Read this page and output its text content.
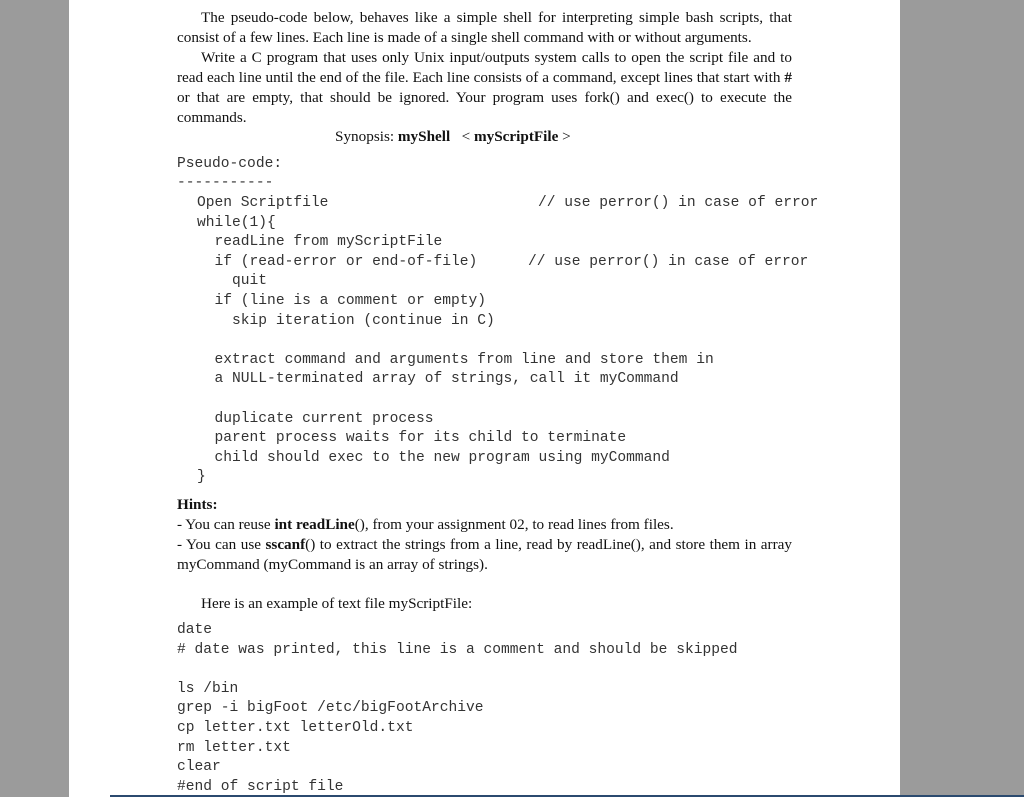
The pseudo-code below, behaves like a simple shell for interpreting simple bash scripts, that consist of a few lines. Each line is made of a single shell command with or without arguments.

Write a C program that uses only Unix input/outputs system calls to open the script file and to read each line until the end of the file. Each line consists of a command, except lines that start with # or that are empty, that should be ignored. Your program uses fork() and exec() to execute the commands.

Synopsis: myShell < myScriptFile >

Pseudo-code:
-----------
Open Scriptfile
while(1){
readLine from myScriptFile
if (read-error or end-of-file)
quit
if (line is a comment or empty)
skip iteration (continue in C)

extract command and arguments from line and store them in
a NULL-terminated array of strings, call it myCommand

duplicate current process
parent process waits for its child to terminate
child should exec to the new program using myCommand
}
// use perror() in case of error
// use perror() in case of error

Hints:

- You can reuse int readLine(), from your assignment 02, to read lines from files.

- You can use sscanf() to extract the strings from a line, read by readLine(), and store them in array myCommand (myCommand is an array of strings).

Here is an example of text file myScriptFile:

date
# date was printed, this line is a comment and should be skipped

ls /bin
grep -i bigFoot /etc/bigFootArchive
cp letter.txt letterOld.txt
rm letter.txt
clear
#end of script file
